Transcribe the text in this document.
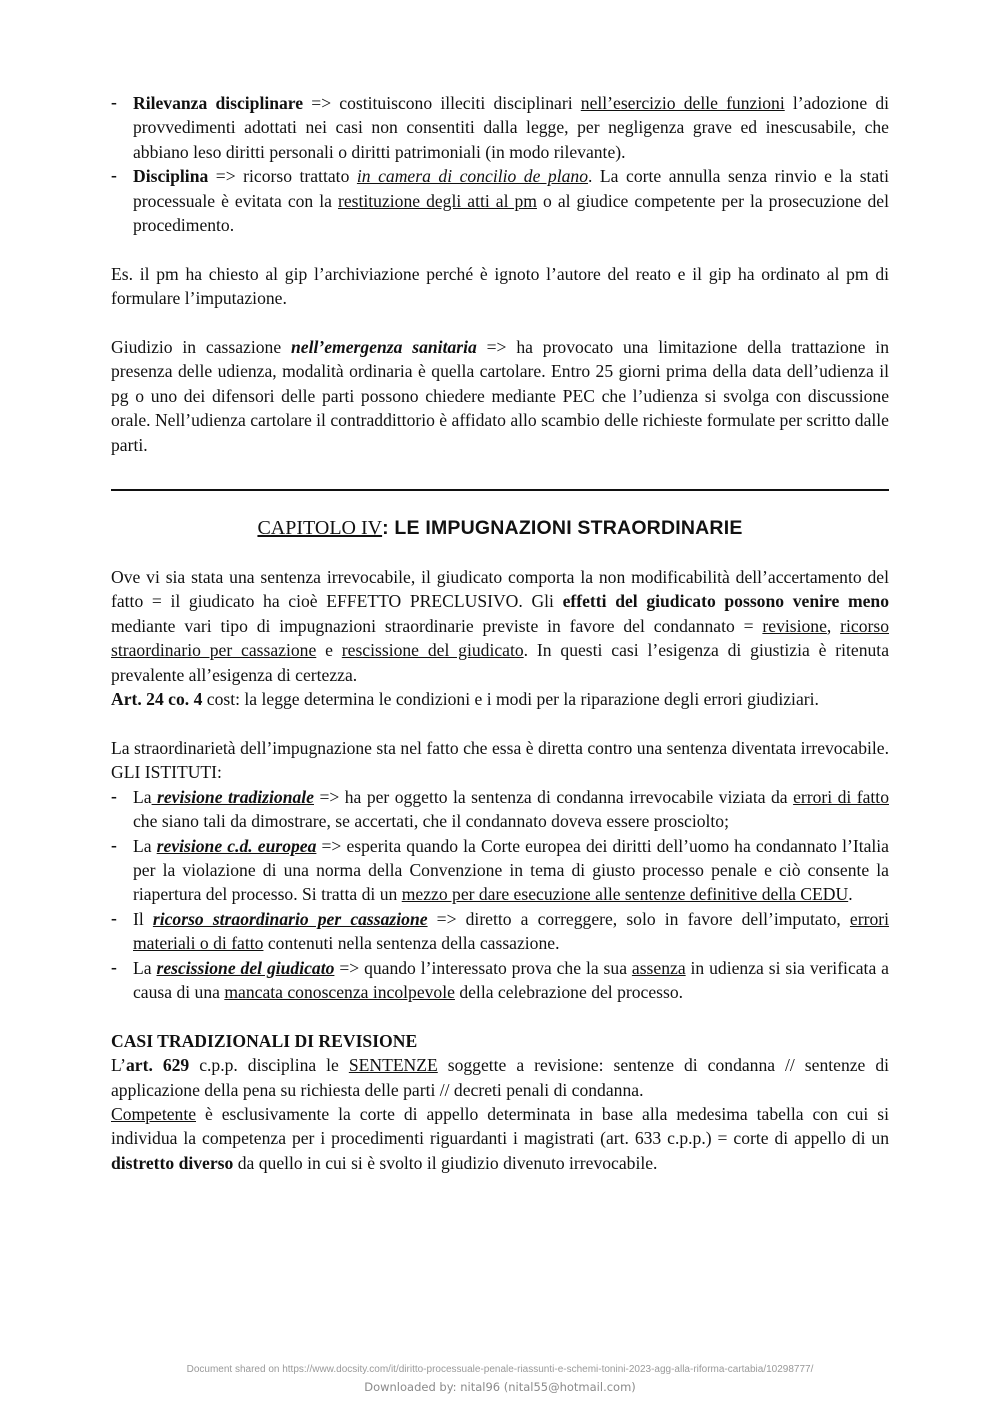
- Rilevanza disciplinare => costituiscono illeciti disciplinari nell’esercizio delle funzioni l’adozione di provvedimenti adottati nei casi non consentiti dalla legge, per negligenza grave ed inescusabile, che abbiano leso diritti personali o diritti patrimoniali (in modo rilevante).
- Disciplina => ricorso trattato in camera di concilio de plano. La corte annulla senza rinvio e la stati processuale è evitata con la restituzione degli atti al pm o al giudice competente per la prosecuzione del procedimento.

Es. il pm ha chiesto al gip l’archiviazione perché è ignoto l’autore del reato e il gip ha ordinato al pm di formulare l’imputazione.

Giudizio in cassazione nell’emergenza sanitaria => ha provocato una limitazione della trattazione in presenza delle udienza, modalità ordinaria è quella cartolare. Entro 25 giorni prima della data dell’udienza il pg o uno dei difensori delle parti possono chiedere mediante PEC che l’udienza si svolga con discussione orale. Nell’udienza cartolare il contraddittorio è affidato allo scambio delle richieste formulate per scritto dalle parti.

CAPITOLO IV: LE IMPUGNAZIONI STRAORDINARIE

Ove vi sia stata una sentenza irrevocabile, il giudicato comporta la non modificabilità dell’accertamento del fatto = il giudicato ha cioè EFFETTO PRECLUSIVO. Gli effetti del giudicato possono venire meno mediante vari tipo di impugnazioni straordinarie previste in favore del condannato = revisione, ricorso straordinario per cassazione e rescissione del giudicato. In questi casi l’esigenza di giustizia è ritenuta prevalente all’esigenza di certezza.

Art. 24 co. 4 cost: la legge determina le condizioni e i modi per la riparazione degli errori giudiziari.

La straordinarietà dell’impugnazione sta nel fatto che essa è diretta contro una sentenza diventata irrevocabile. GLI ISTITUTI:

- La revisione tradizionale => ha per oggetto la sentenza di condanna irrevocabile viziata da errori di fatto che siano tali da dimostrare, se accertati, che il condannato doveva essere prosciolto;
- La revisione c.d. europea => esperita quando la Corte europea dei diritti dell’uomo ha condannato l’Italia per la violazione di una norma della Convenzione in tema di giusto processo penale e ciò consente la riapertura del processo. Si tratta di un mezzo per dare esecuzione alle sentenze definitive della CEDU.
- Il ricorso straordinario per cassazione => diretto a correggere, solo in favore dell’imputato, errori materiali o di fatto contenuti nella sentenza della cassazione.
- La rescissione del giudicato => quando l’interessato prova che la sua assenza in udienza si sia verificata a causa di una mancata conoscenza incolpevole della celebrazione del processo.

CASI TRADIZIONALI DI REVISIONE

L’art. 629 c.p.p. disciplina le SENTENZE soggette a revisione: sentenze di condanna // sentenze di applicazione della pena su richiesta delle parti // decreti penali di condanna.

Competente è esclusivamente la corte di appello determinata in base alla medesima tabella con cui si individua la competenza per i procedimenti riguardanti i magistrati (art. 633 c.p.p.) = corte di appello di un distretto diverso da quello in cui si è svolto il giudizio divenuto irrevocabile.

Document shared on https://www.docsity.com/it/diritto-processuale-penale-riassunti-e-schemi-tonini-2023-agg-alla-riforma-cartabia/10298777/
Downloaded by: nital96 (nital55@hotmail.com)
